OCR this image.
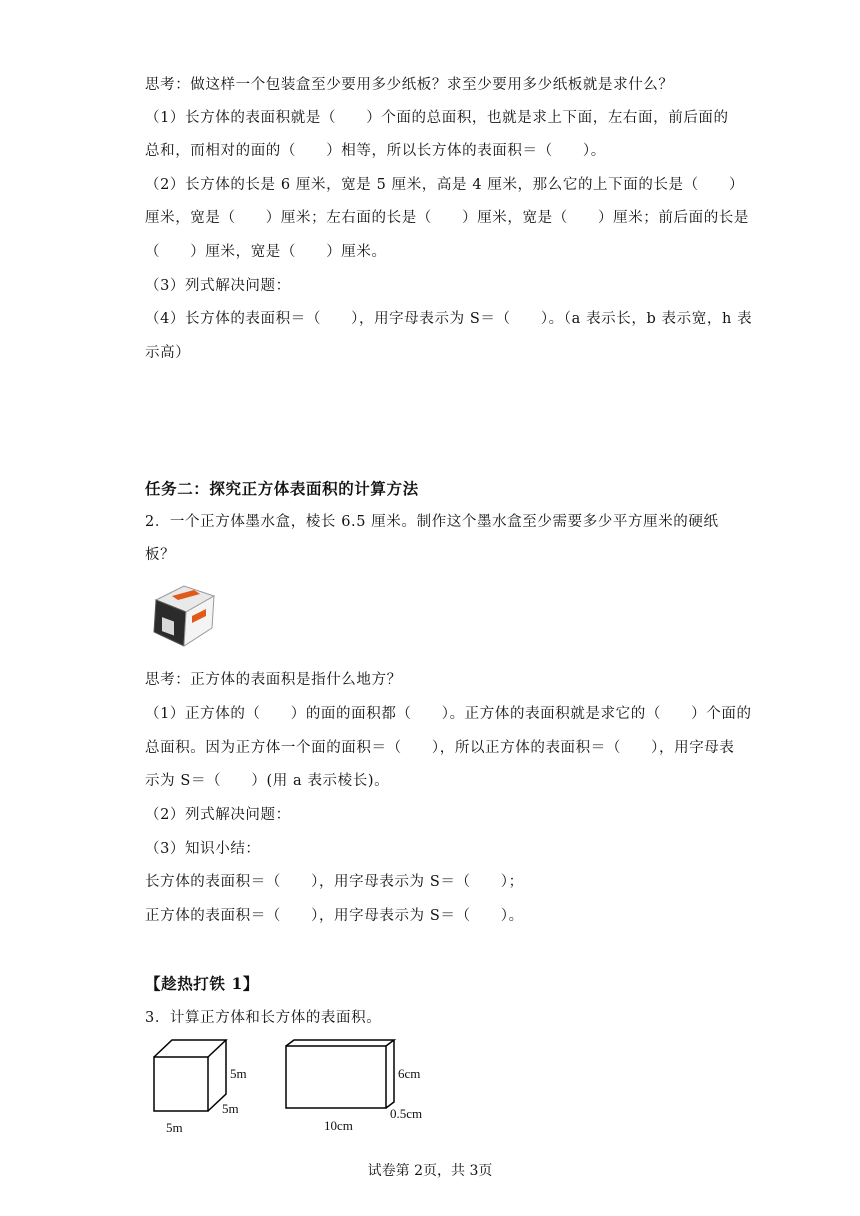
思考：做这样一个包装盒至少要用多少纸板？求至少要用多少纸板就是求什么？
（1）长方体的表面积就是（　　）个面的总面积，也就是求上下面，左右面，前后面的
总和，而相对的面的（　　）相等，所以长方体的表面积＝（　　）。
（2）长方体的长是 6 厘米，宽是 5 厘米，高是 4 厘米，那么它的上下面的长是（　　）
厘米，宽是（　　）厘米；左右面的长是（　　）厘米，宽是（　　）厘米；前后面的长是
（　　）厘米，宽是（　　）厘米。
（3）列式解决问题：
（4）长方体的表面积＝（　　），用字母表示为 S＝（　　）。（a 表示长，b 表示宽，h 表
示高）
任务二：探究正方体表面积的计算方法
2．一个正方体墨水盒，棱长 6.5 厘米。制作这个墨水盒至少需要多少平方厘米的硬纸
板？
思考：正方体的表面积是指什么地方？
（1）正方体的（　　）的面的面积都（　　）。正方体的表面积就是求它的（　　）个面的
总面积。因为正方体一个面的面积＝（　　），所以正方体的表面积＝（　　），用字母表
示为 S＝（　　）(用 a 表示棱长)。
（2）列式解决问题：
（3）知识小结：
长方体的表面积＝（　　），用字母表示为 S＝（　　）；
正方体的表面积＝（　　），用字母表示为 S＝（　　）。
【趁热打铁 1】
3．计算正方体和长方体的表面积。
5m
5m
5m
6cm
0.5cm
10cm
试卷第 2页，共 3页
